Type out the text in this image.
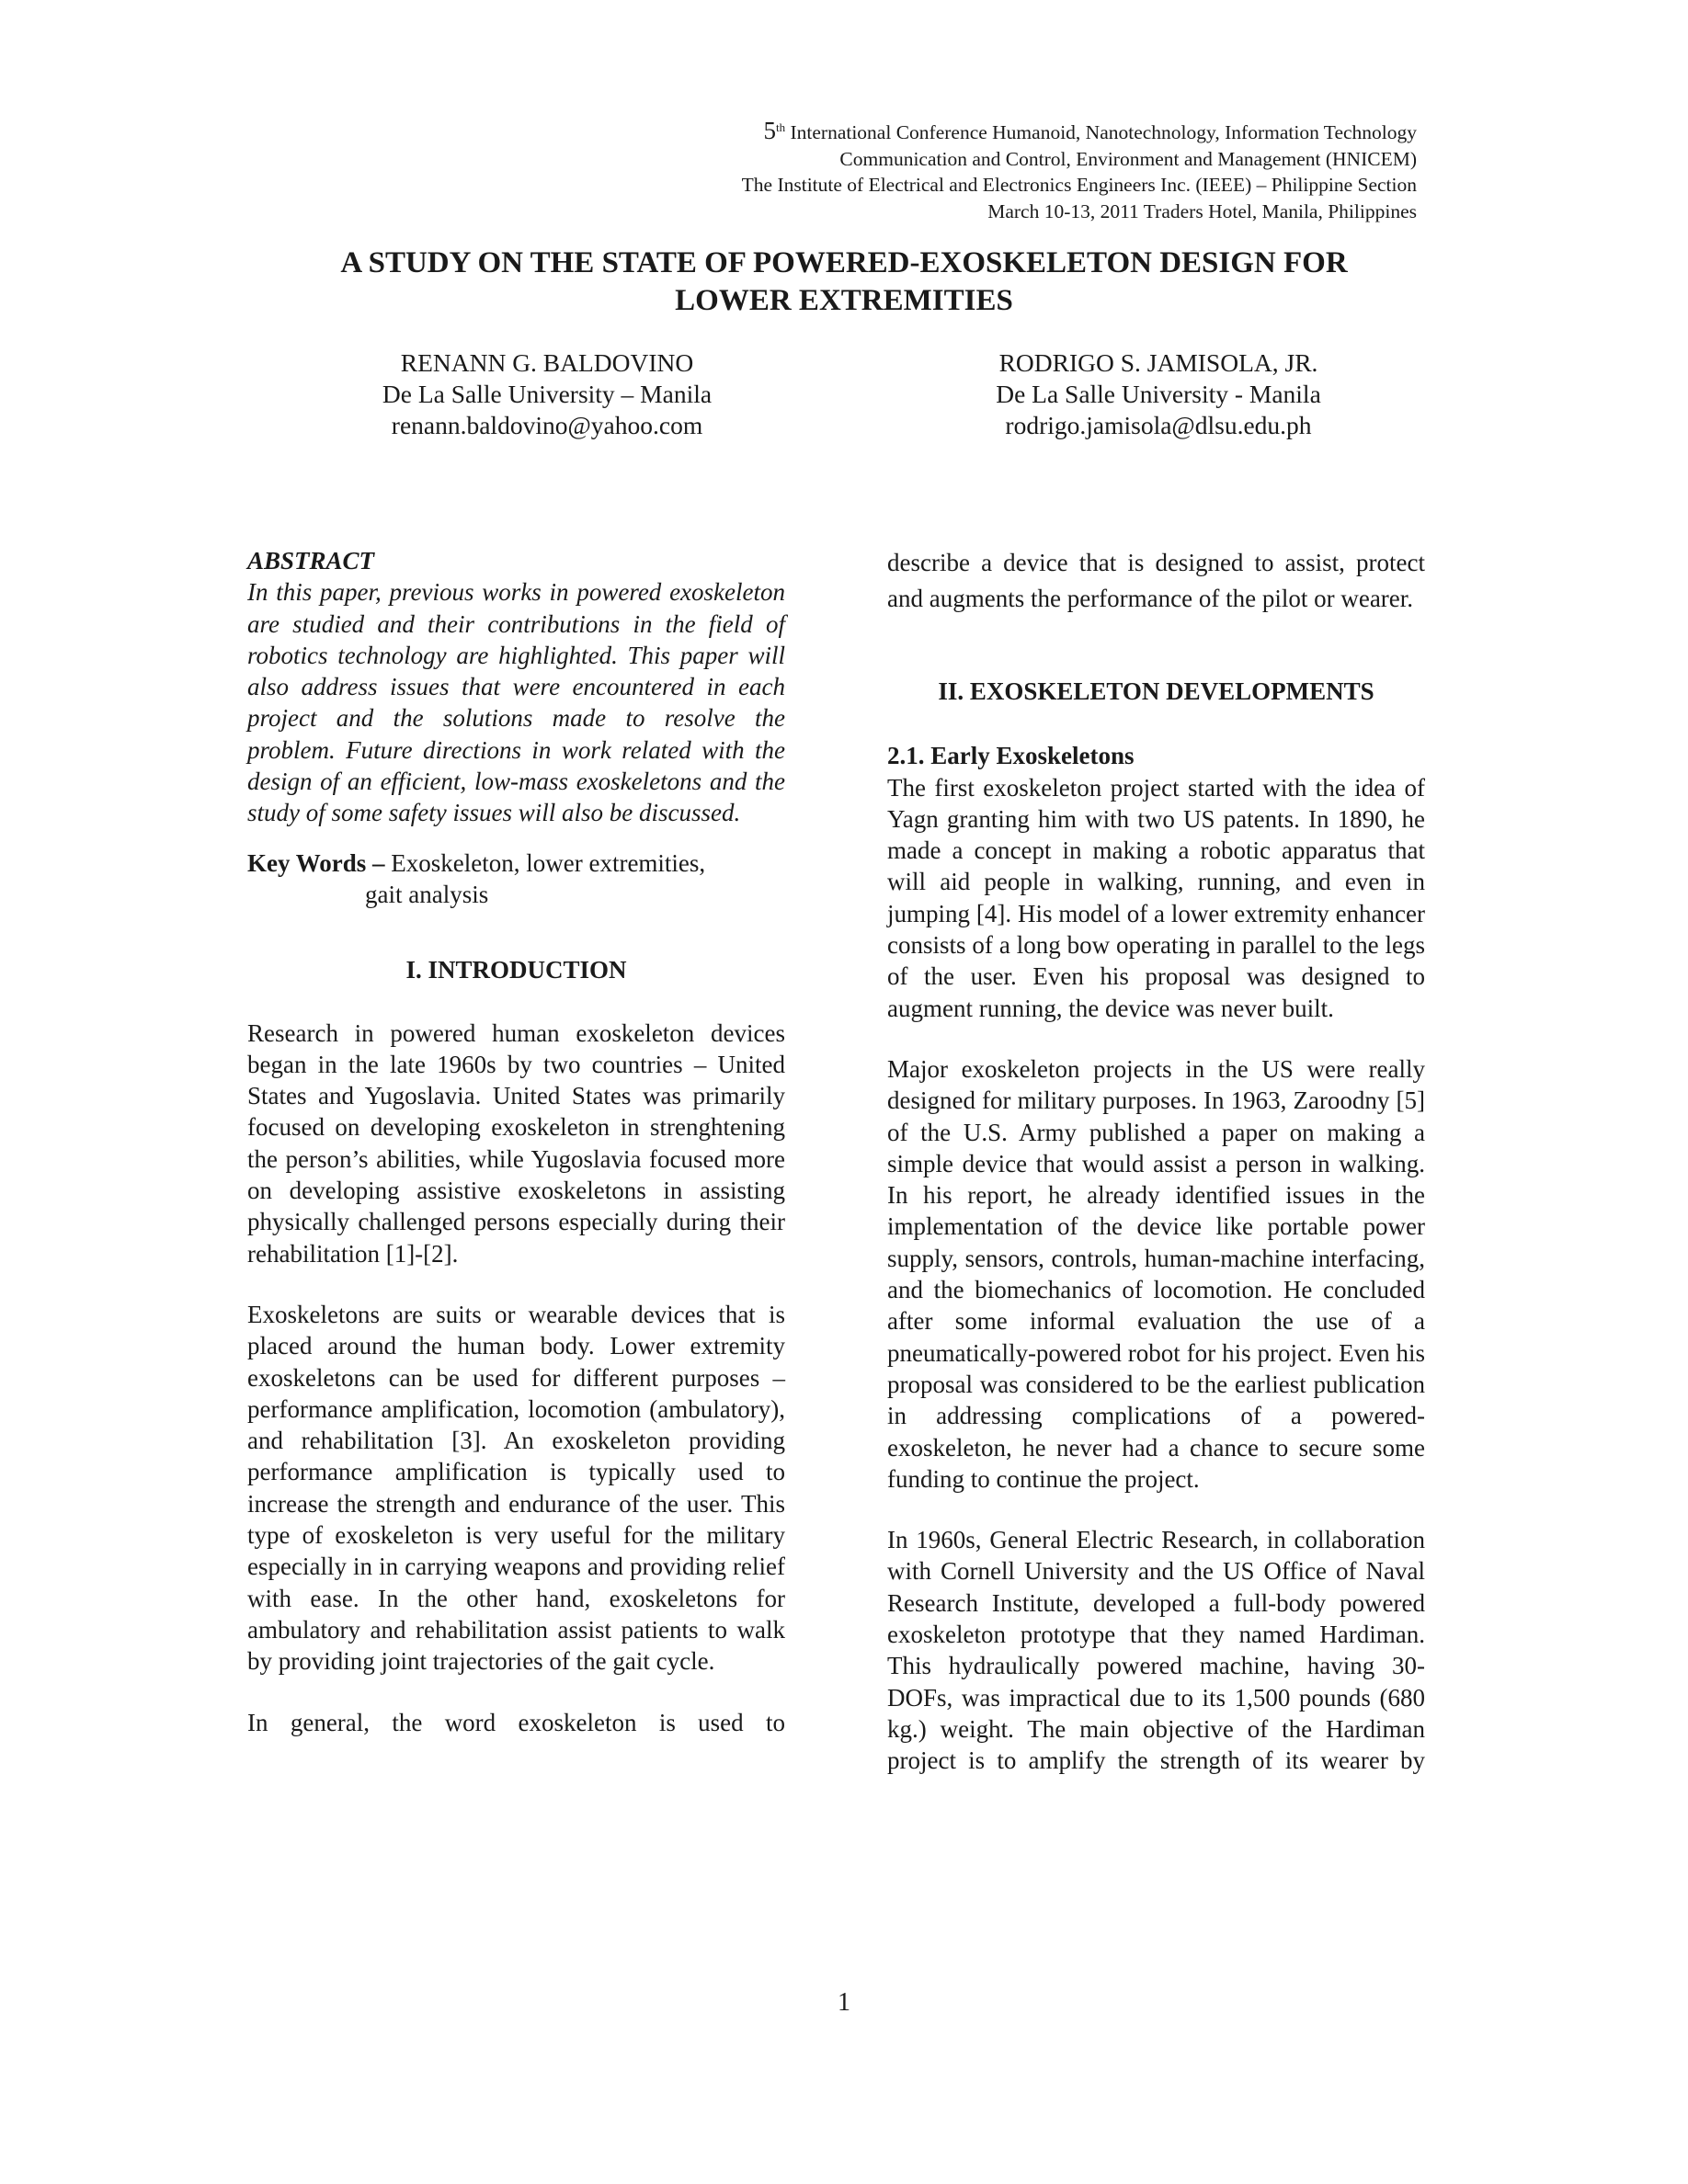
5th International Conference Humanoid, Nanotechnology, Information Technology
Communication and Control, Environment and Management (HNICEM)
The Institute of Electrical and Electronics Engineers Inc. (IEEE) – Philippine Section
March 10-13, 2011 Traders Hotel, Manila, Philippines
A STUDY ON THE STATE OF POWERED-EXOSKELETON DESIGN FOR
LOWER EXTREMITIES
RENANN G. BALDOVINO
De La Salle University – Manila
renann.baldovino@yahoo.com
RODRIGO S. JAMISOLA, JR.
De La Salle University - Manila
rodrigo.jamisola@dlsu.edu.ph
ABSTRACT

In this paper, previous works in powered exoskeleton are studied and their contributions in the field of robotics technology are highlighted. This paper will also address issues that were encountered in each project and the solutions made to resolve the problem. Future directions in work related with the design of an efficient, low-mass exoskeletons and the study of some safety issues will also be discussed.

Key Words – Exoskeleton, lower extremities,
gait analysis
I. INTRODUCTION

Research in powered human exoskeleton devices began in the late 1960s by two countries – United States and Yugoslavia. United States was primarily focused on developing exoskeleton in strenghtening the person’s abilities, while Yugoslavia focused more on developing assistive exoskeletons in assisting physically challenged persons especially during their rehabilitation [1]-[2].

Exoskeletons are suits or wearable devices that is placed around the human body. Lower extremity exoskeletons can be used for different purposes – performance amplification, locomotion (ambulatory), and rehabilitation [3]. An exoskeleton providing performance amplification is typically used to increase the strength and endurance of the user. This type of exoskeleton is very useful for the military especially in in carrying weapons and providing relief with ease. In the other hand, exoskeletons for ambulatory and rehabilitation assist patients to walk by providing joint trajectories of the gait cycle.

In general, the word exoskeleton is used to

describe a device that is designed to assist, protect and augments the performance of the pilot or wearer.

II. EXOSKELETON DEVELOPMENTS
2.1. Early Exoskeletons

The first exoskeleton project started with the idea of Yagn granting him with two US patents. In 1890, he made a concept in making a robotic apparatus that will aid people in walking, running, and even in jumping [4]. His model of a lower extremity enhancer consists of a long bow operating in parallel to the legs of the user. Even his proposal was designed to augment running, the device was never built.

Major exoskeleton projects in the US were really designed for military purposes. In 1963, Zaroodny [5] of the U.S. Army published a paper on making a simple device that would assist a person in walking. In his report, he already identified issues in the implementation of the device like portable power supply, sensors, controls, human-machine interfacing, and the biomechanics of locomotion. He concluded after some informal evaluation the use of a pneumatically-powered robot for his project. Even his proposal was considered to be the earliest publication in addressing complications of a powered-exoskeleton, he never had a chance to secure some funding to continue the project.

In 1960s, General Electric Research, in collaboration with Cornell University and the US Office of Naval Research Institute, developed a full-body powered exoskeleton prototype that they named Hardiman. This hydraulically powered machine, having 30-DOFs, was impractical due to its 1,500 pounds (680 kg.) weight. The main objective of the Hardiman project is to amplify the strength of its wearer by

1
